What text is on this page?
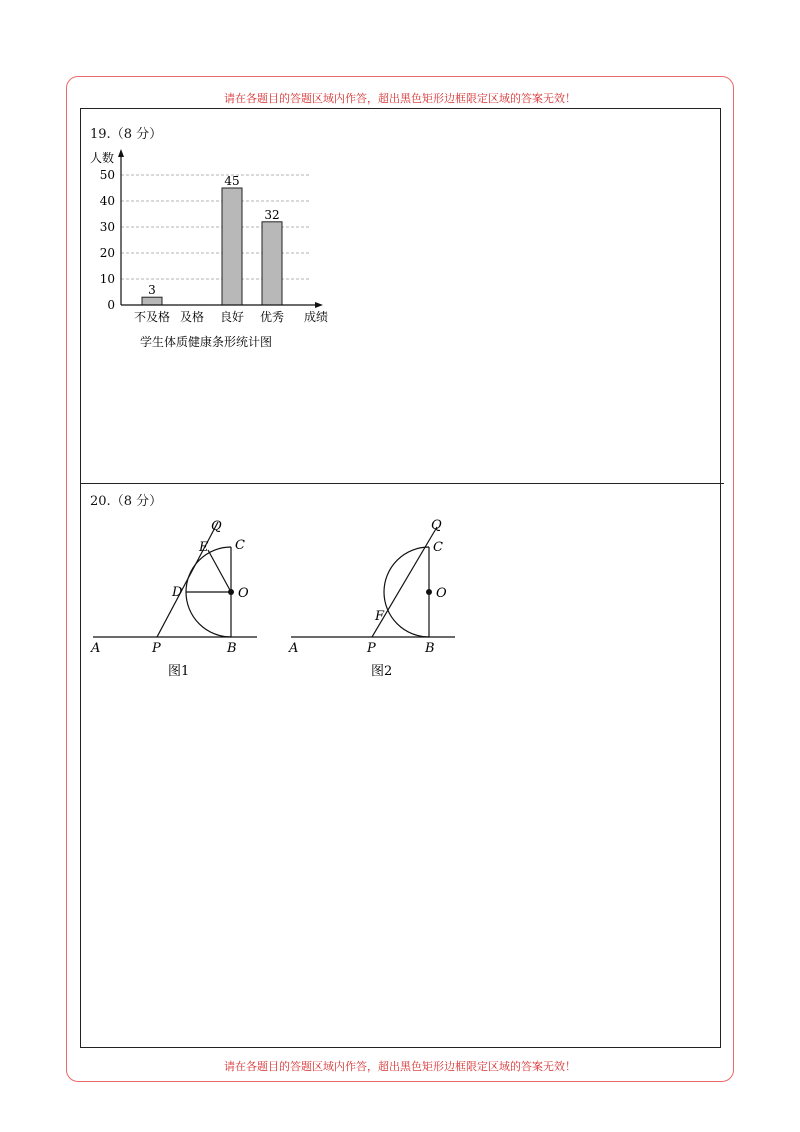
请在各题目的答题区域内作答，超出黑色矩形边框限定区域的答案无效！
请在各题目的答题区域内作答，超出黑色矩形边框限定区域的答案无效！
19.（8 分）
0
10
20
30
40
50
不及格 及格 良好 优秀
3
45
32
人数
成绩
学生体质健康条形统计图
20.（8 分）
Q
E C
D	O
A	P	B
图1
Q
C
O
F
A	P	B
图2
